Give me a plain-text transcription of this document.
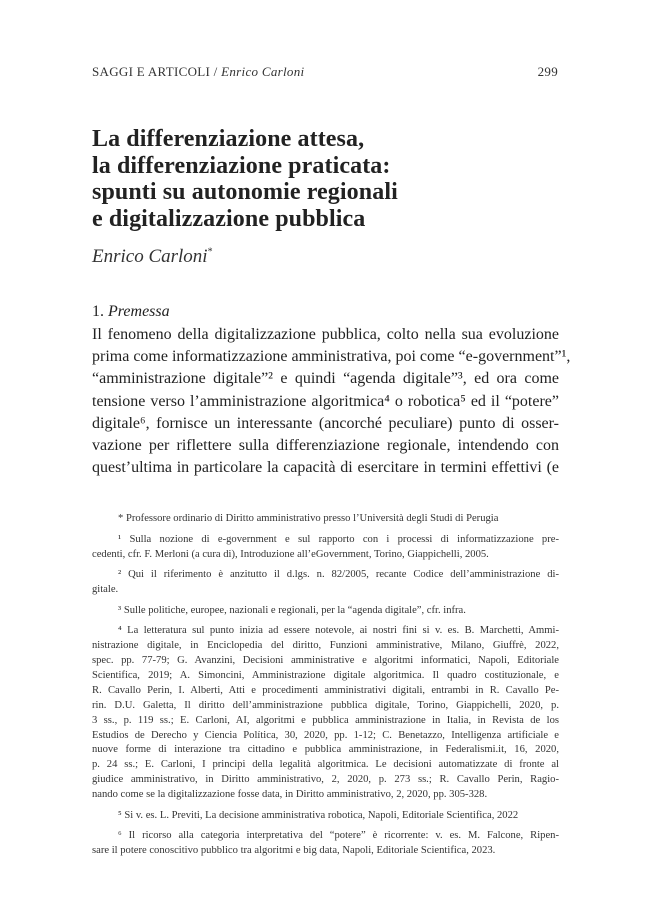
SAGGI E ARTICOLI / Enrico Carloni	299
La differenziazione attesa,
la differenziazione praticata:
spunti su autonomie regionali
e digitalizzazione pubblica
Enrico Carloni*
1. Premessa
Il fenomeno della digitalizzazione pubblica, colto nella sua evoluzione
prima come informatizzazione amministrativa, poi come “e-government”¹,
“amministrazione digitale”² e quindi “agenda digitale”³, ed ora come
tensione verso l’amministrazione algoritmica⁴ o robotica⁵ ed il “potere”
digitale⁶, fornisce un interessante (ancorché peculiare) punto di osser-
vazione per riflettere sulla differenziazione regionale, intendendo con
quest’ultima in particolare la capacità di esercitare in termini effettivi (e
* Professore ordinario di Diritto amministrativo presso l’Università degli Studi di Perugia
¹ Sulla nozione di e-government e sul rapporto con i processi di informatizzazione pre-
cedenti, cfr. F. Merloni (a cura di), Introduzione all’eGovernment, Torino, Giappichelli, 2005.
² Qui il riferimento è anzitutto il d.lgs. n. 82/2005, recante Codice dell’amministrazione di-
gitale.
³ Sulle politiche, europee, nazionali e regionali, per la “agenda digitale”, cfr. infra.
⁴ La letteratura sul punto inizia ad essere notevole, ai nostri fini si v. es. B. Marchetti, Ammi-
nistrazione digitale, in Enciclopedia del diritto, Funzioni amministrative, Milano, Giuffrè, 2022,
spec. pp. 77-79; G. Avanzini, Decisioni amministrative e algoritmi informatici, Napoli, Editoriale
Scientifica, 2019; A. Simoncini, Amministrazione digitale algoritmica. Il quadro costituzionale, e
R. Cavallo Perin, I. Alberti, Atti e procedimenti amministrativi digitali, entrambi in R. Cavallo Pe-
rin. D.U. Galetta, Il diritto dell’amministrazione pubblica digitale, Torino, Giappichelli, 2020, p.
3 ss., p. 119 ss.; E. Carloni, AI, algoritmi e pubblica amministrazione in Italia, in Revista de los
Estudios de Derecho y Ciencia Política, 30, 2020, pp. 1-12; C. Benetazzo, Intelligenza artificiale e
nuove forme di interazione tra cittadino e pubblica amministrazione, in Federalismi.it, 16, 2020,
p. 24 ss.; E. Carloni, I principi della legalità algoritmica. Le decisioni automatizzate di fronte al
giudice amministrativo, in Diritto amministrativo, 2, 2020, p. 273 ss.; R. Cavallo Perin, Ragio-
nando come se la digitalizzazione fosse data, in Diritto amministrativo, 2, 2020, pp. 305-328.
⁵ Si v. es. L. Previti, La decisione amministrativa robotica, Napoli, Editoriale Scientifica, 2022
⁶ Il ricorso alla categoria interpretativa del “potere” è ricorrente: v. es. M. Falcone, Ripen-
sare il potere conoscitivo pubblico tra algoritmi e big data, Napoli, Editoriale Scientifica, 2023.
